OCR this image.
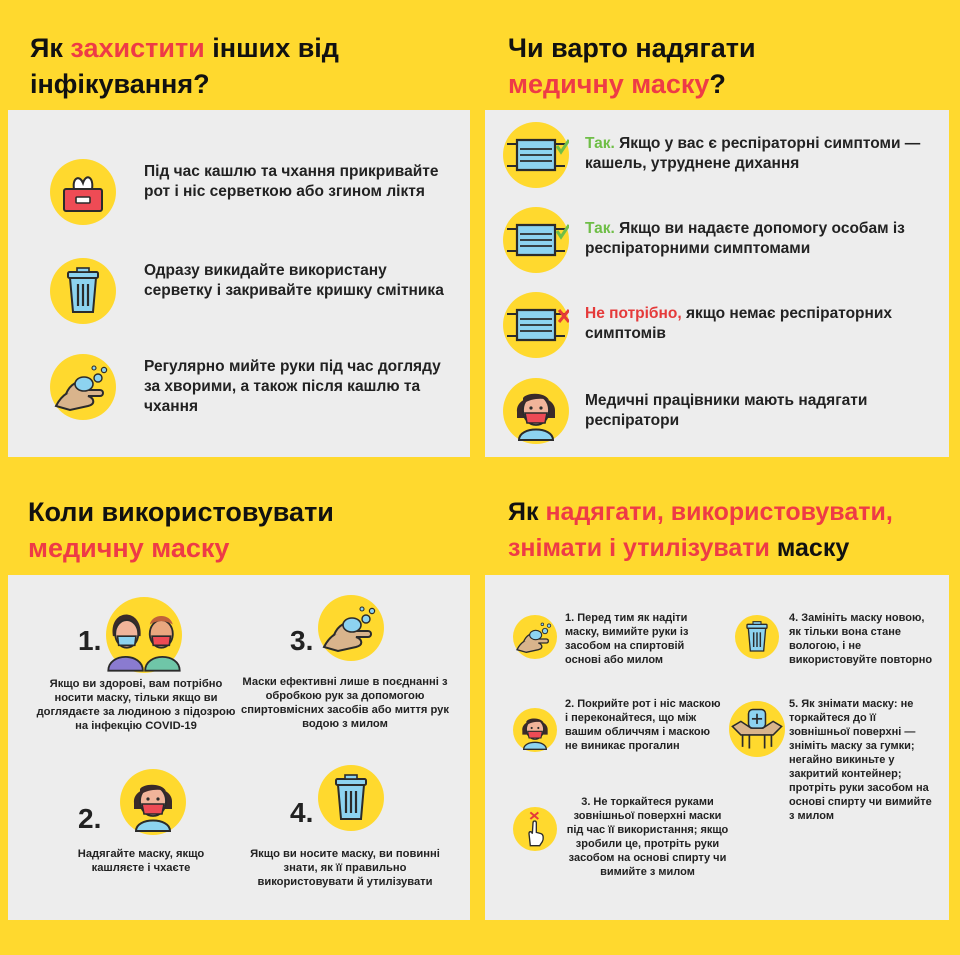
Як захистити інших від
інфікування?
Під час кашлю та чхання прикривайте рот і ніс серветкою або згином ліктя
Одразу викидайте використану серветку і закривайте кришку смітника
Регулярно мийте руки під час догляду за хворими, а також після кашлю та чхання
Чи варто надягати
медичну маску?
Так. Якщо у вас є респіраторні симптоми — кашель, утруднене дихання
Так. Якщо ви надаєте допомогу особам із респіраторними симптомами
Не потрібно, якщо немає респіраторних симптомів
Медичні працівники мають надягати респіратори
Коли використовувати
медичну маску
1.
Якщо ви здорові, вам потрібно носити маску, тільки якщо ви доглядаєте за людиною з підозрою на інфекцію COVID-19
2.
Надягайте маску, якщо кашляєте і чхаєте
3.
Маски ефективні лише в поєднанні з обробкою рук за допомогою спиртовмісних засобів або миття рук водою з милом
4.
Якщо ви носите маску, ви повинні знати, як її правильно використовувати й утилізувати
Як надягати, використовувати,
знімати і утилізувати маску
1. Перед тим як надіти маску, вимийте руки із засобом на спиртовій основі або милом
2. Покрийте рот і ніс маскою і переконайтеся, що між вашим обличчям і маскою не виникає прогалин
3. Не торкайтеся руками зовнішньої поверхні маски під час її використання; якщо зробили це, протріть руки засобом на основі спирту чи вимийте з милом
4. Замініть маску новою, як тільки вона стане вологою, і не використовуйте повторно
5. Як знімати маску: не торкайтеся до її зовнішньої поверхні — зніміть маску за гумки; негайно викиньте у закритий контейнер; протріть руки засобом на основі спирту чи вимийте з милом
